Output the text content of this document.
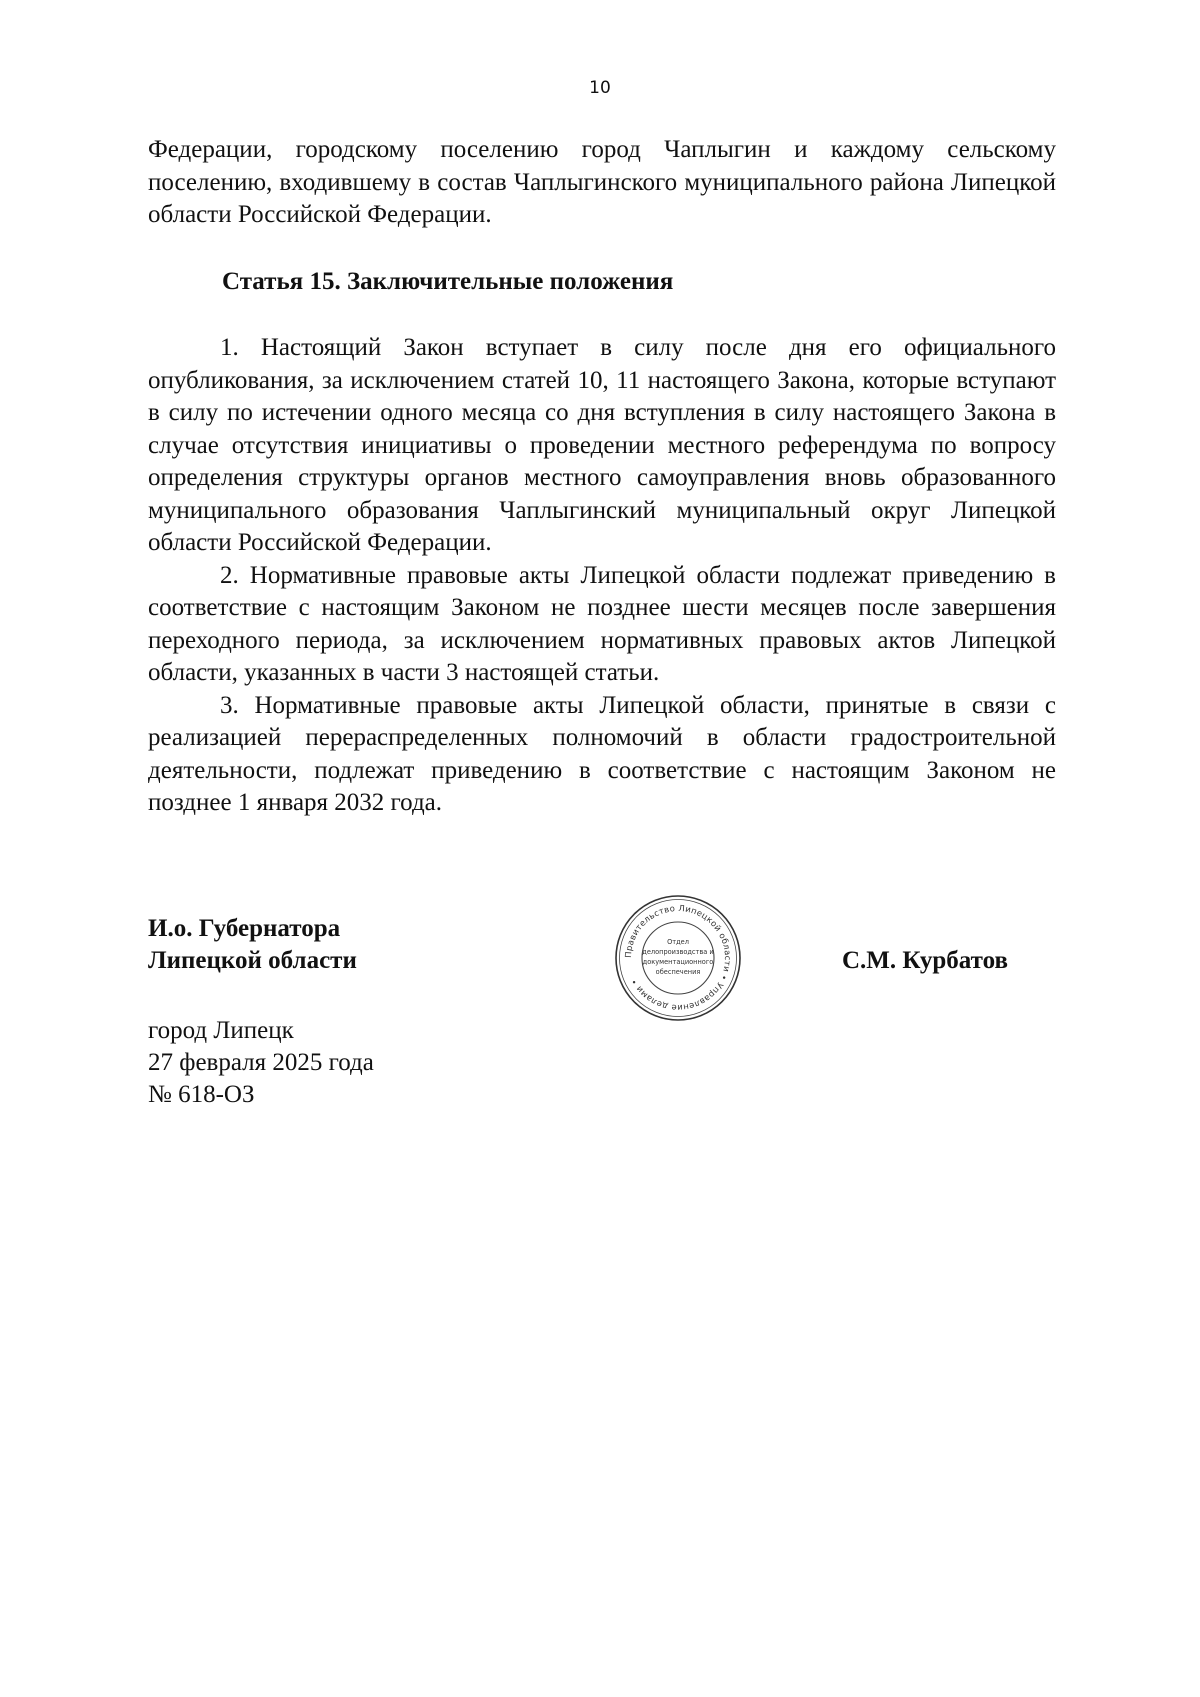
10

Федерации, городскому поселению город Чаплыгин и каждому сельскому поселению, входившему в состав Чаплыгинского муниципального района Липецкой области Российской Федерации.

Статья 15. Заключительные положения

1. Настоящий Закон вступает в силу после дня его официального опубликования, за исключением статей 10, 11 настоящего Закона, которые вступают в силу по истечении одного месяца со дня вступления в силу настоящего Закона в случае отсутствия инициативы о проведении местного референдума по вопросу определения структуры органов местного самоуправления вновь образованного муниципального образования Чаплыгинский муниципальный округ Липецкой области Российской Федерации.

2. Нормативные правовые акты Липецкой области подлежат приведению в соответствие с настоящим Законом не позднее шести месяцев после завершения переходного периода, за исключением нормативных правовых актов Липецкой области, указанных в части 3 настоящей статьи.

3. Нормативные правовые акты Липецкой области, принятые в связи с реализацией перераспределенных полномочий в области градостроительной деятельности, подлежат приведению в соответствие с настоящим Законом не позднее 1 января 2032 года.

И.о. Губернатора
Липецкой области	Правительство Липецкой области • Управление делами •
Отдел
делопроизводства и
документационного
обеспечения	С.М. Курбатов
город Липецк
27 февраля 2025 года
№ 618-ОЗ
